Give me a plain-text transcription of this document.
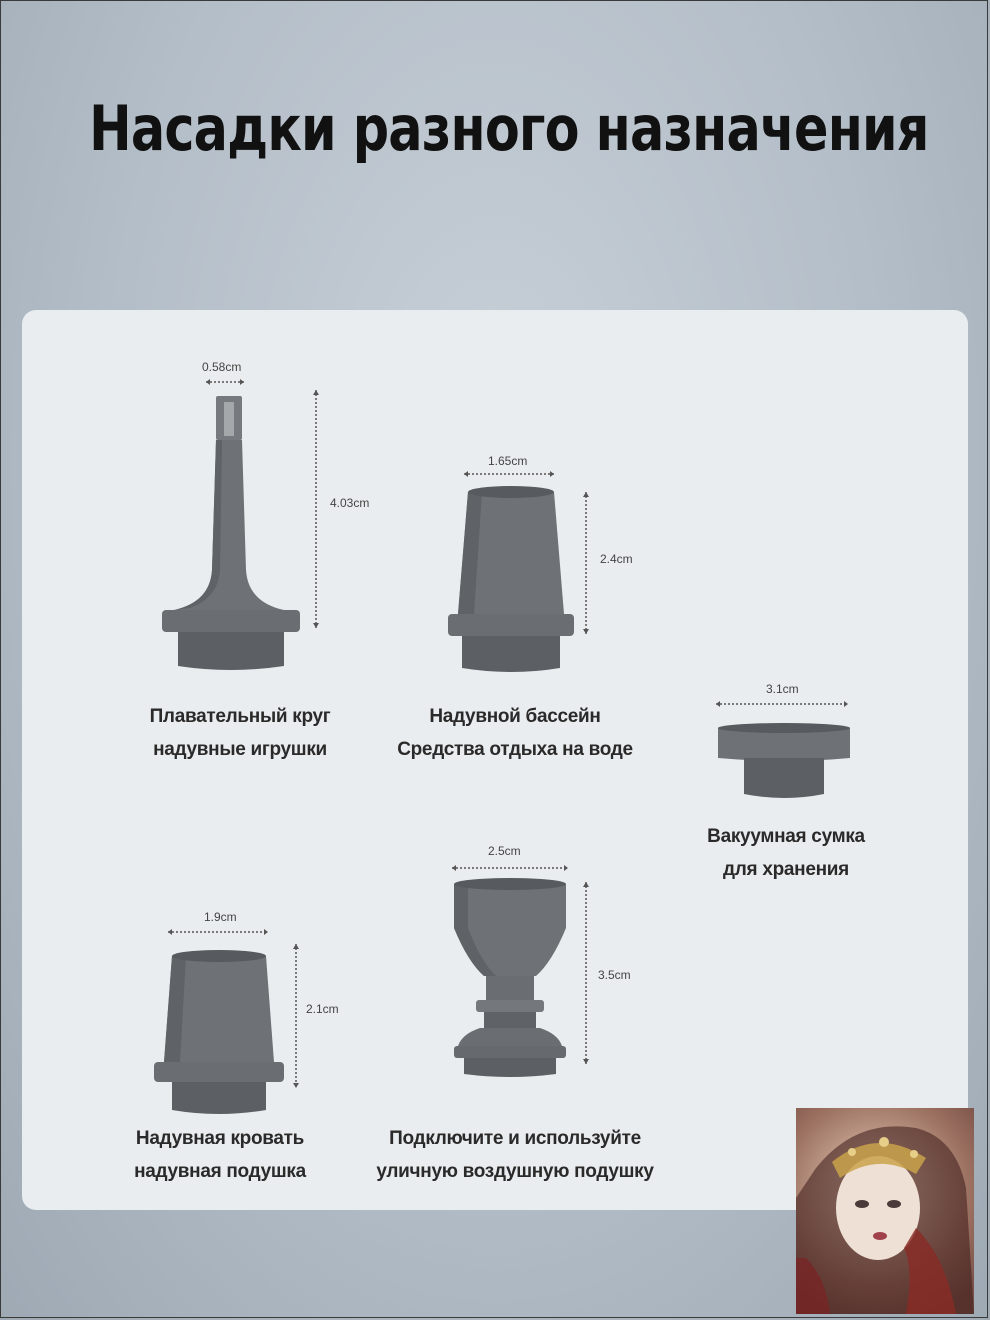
Насадки разного назначения
0.58cm
Плавательный круг
надувные игрушки
4.03cm
1.65cm
Надувной бассейн
Средства отдыха на воде
2.4cm
3.1cm
Вакуумная сумка
для хранения
1.9cm
Надувная кровать
надувная подушка
2.1cm
2.5cm
Подключите и используйте
уличную воздушную подушку
3.5cm
